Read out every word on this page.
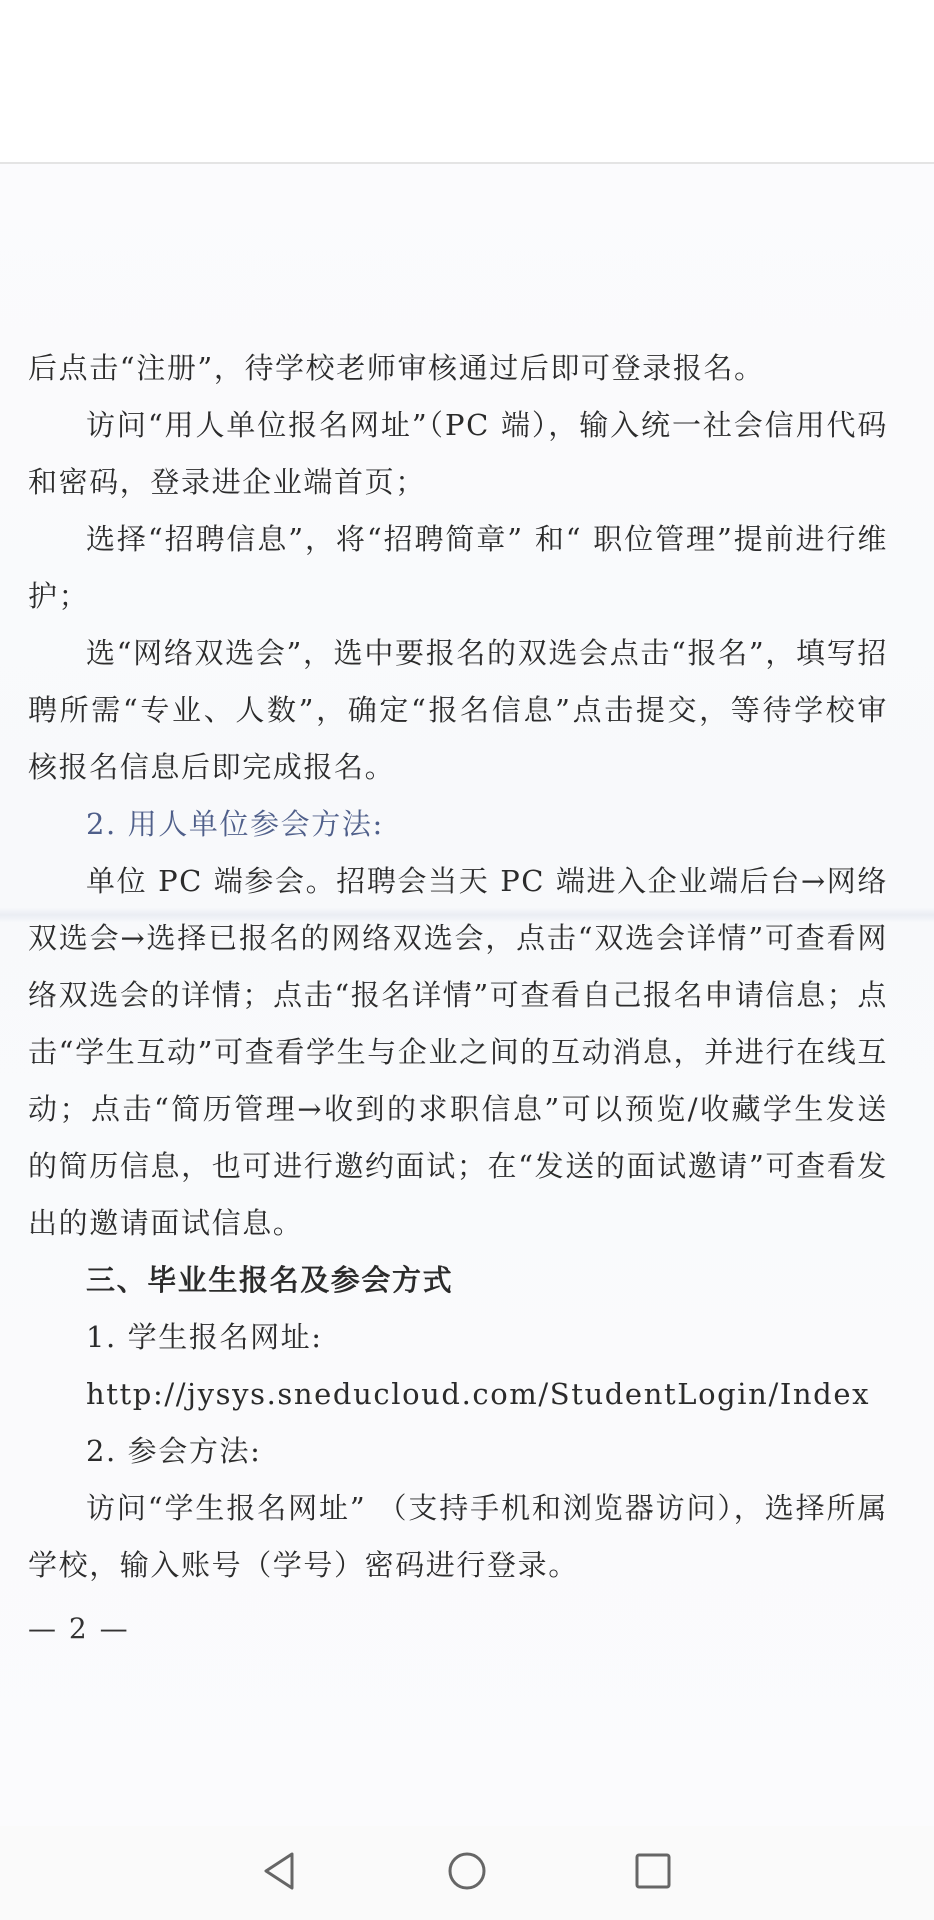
后点击“注册”，待学校老师审核通过后即可登录报名。

访问“用人单位报名网址”（PC 端），输入统一社会信用代码和密码，登录进企业端首页；

选择“招聘信息”，将“招聘简章” 和“ 职位管理”提前进行维护；

选“网络双选会”，选中要报名的双选会点击“报名”，填写招聘所需“专业、人数”，确定“报名信息”点击提交，等待学校审核报名信息后即完成报名。

2. 用人单位参会方法:

单位 PC 端参会。招聘会当天 PC 端进入企业端后台→网络双选会→选择已报名的网络双选会，点击“双选会详情”可查看网络双选会的详情；点击“报名详情”可查看自己报名申请信息；点击“学生互动”可查看学生与企业之间的互动消息，并进行在线互动；点击“简历管理→收到的求职信息”可以预览/收藏学生发送的简历信息，也可进行邀约面试；在“发送的面试邀请”可查看发出的邀请面试信息。

三、毕业生报名及参会方式

1. 学生报名网址:

http://jysys.sneducloud.com/StudentLogin/Index

2. 参会方法:

访问“学生报名网址” （支持手机和浏览器访问），选择所属学校，输入账号（学号）密码进行登录。

— 2 —
